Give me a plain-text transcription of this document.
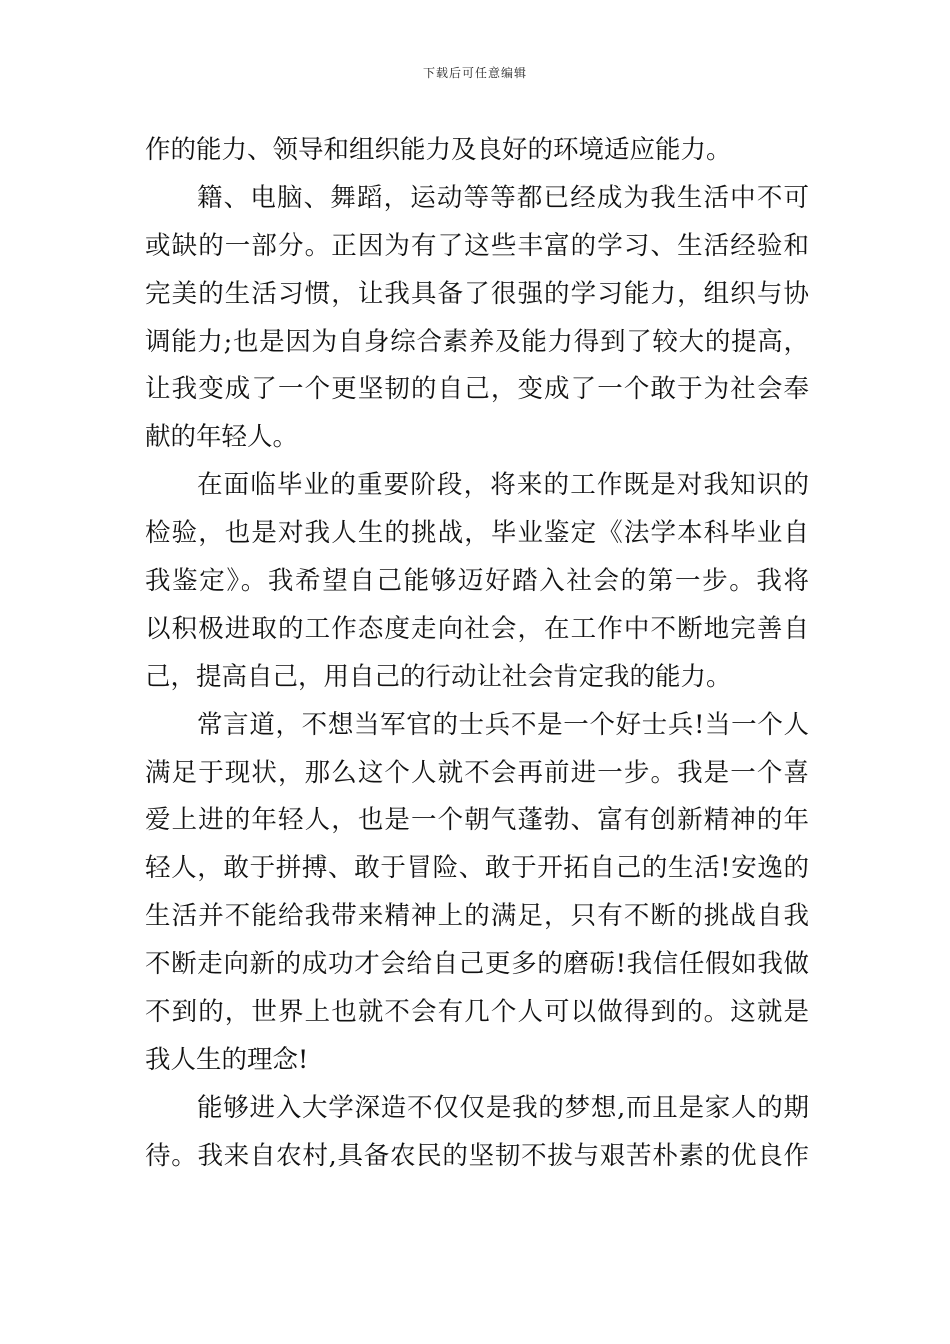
下载后可任意编辑
作的能力、领导和组织能力及良好的环境适应能力。
籍、电脑、舞蹈，运动等等都已经成为我生活中不可
或缺的一部分。正因为有了这些丰富的学习、生活经验和
完美的生活习惯，让我具备了很强的学习能力，组织与协
调能力;也是因为自身综合素养及能力得到了较大的提高，
让我变成了一个更坚韧的自己，变成了一个敢于为社会奉
献的年轻人。
在面临毕业的重要阶段，将来的工作既是对我知识的
检验，也是对我人生的挑战，毕业鉴定《法学本科毕业自
我鉴定》。我希望自己能够迈好踏入社会的第一步。我将
以积极进取的工作态度走向社会，在工作中不断地完善自
己，提高自己，用自己的行动让社会肯定我的能力。
常言道，不想当军官的士兵不是一个好士兵!当一个人
满足于现状，那么这个人就不会再前进一步。我是一个喜
爱上进的年轻人，也是一个朝气蓬勃、富有创新精神的年
轻人，敢于拼搏、敢于冒险、敢于开拓自己的生活!安逸的
生活并不能给我带来精神上的满足，只有不断的挑战自我
不断走向新的成功才会给自己更多的磨砺!我信任假如我做
不到的，世界上也就不会有几个人可以做得到的。这就是
我人生的理念!
能够进入大学深造不仅仅是我的梦想,而且是家人的期
待。我来自农村,具备农民的坚韧不拔与艰苦朴素的优良作
